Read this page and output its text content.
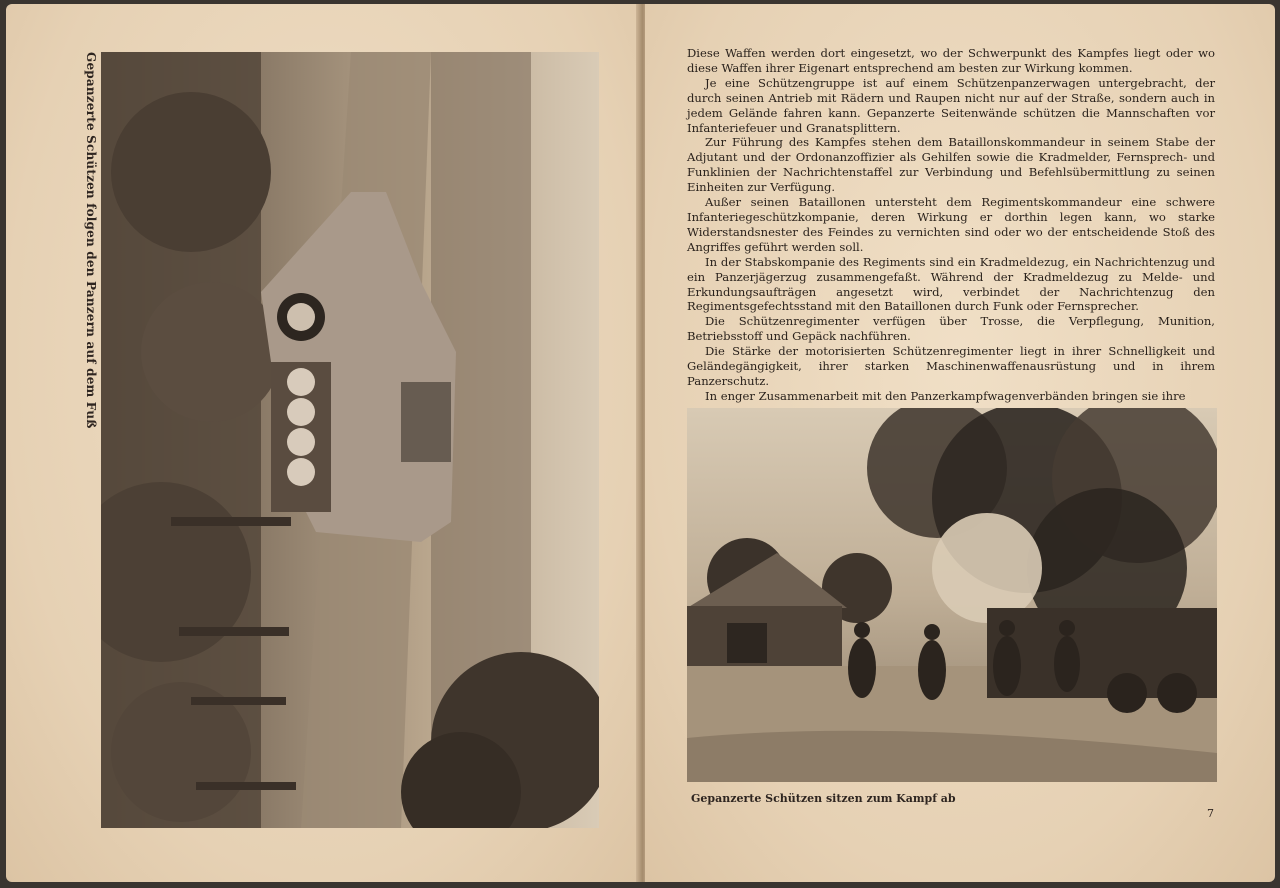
Gepanzerte Schützen folgen den Panzern auf dem Fuß	Diese Waffen werden dort eingesetzt, wo der Schwerpunkt des Kampfes liegt oder wo diese Waffen ihrer Eigenart entsprechend am besten zur Wirkung kommen.

Je eine Schützengruppe ist auf einem Schützenpanzerwagen untergebracht, der durch seinen Antrieb mit Rädern und Raupen nicht nur auf der Straße, sondern auch in jedem Gelände fahren kann. Gepanzerte Seitenwände schützen die Mannschaften vor Infanteriefeuer und Granatsplittern.

Zur Führung des Kampfes stehen dem Bataillonskommandeur in seinem Stabe der Adjutant und der Ordonanzoffizier als Gehilfen sowie die Kradmelder, Fernsprech- und Funklinien der Nachrichtenstaffel zur Verbindung und Befehlsübermittlung zu seinen Einheiten zur Verfügung.

Außer seinen Bataillonen untersteht dem Regimentskommandeur eine schwere Infanteriegeschützkompanie, deren Wirkung er dorthin legen kann, wo starke Widerstandsnester des Feindes zu vernichten sind oder wo der entscheidende Stoß des Angriffes geführt werden soll.

In der Stabskompanie des Regiments sind ein Kradmeldezug, ein Nachrichtenzug und ein Panzerjägerzug zusammengefaßt. Während der Kradmeldezug zu Melde- und Erkundungsaufträgen angesetzt wird, verbindet der Nachrichtenzug den Regimentsgefechtsstand mit den Bataillonen durch Funk oder Fernsprecher.

Die Schützenregimenter verfügen über Trosse, die Verpflegung, Munition, Betriebsstoff und Gepäck nachführen.

Die Stärke der motorisierten Schützenregimenter liegt in ihrer Schnelligkeit und Geländegängigkeit, ihrer starken Maschinenwaffenausrüstung und in ihrem Panzerschutz.

In enger Zusammenarbeit mit den Panzerkampfwagenverbänden bringen sie ihre

Gepanzerte Schützen sitzen zum Kampf ab
7
